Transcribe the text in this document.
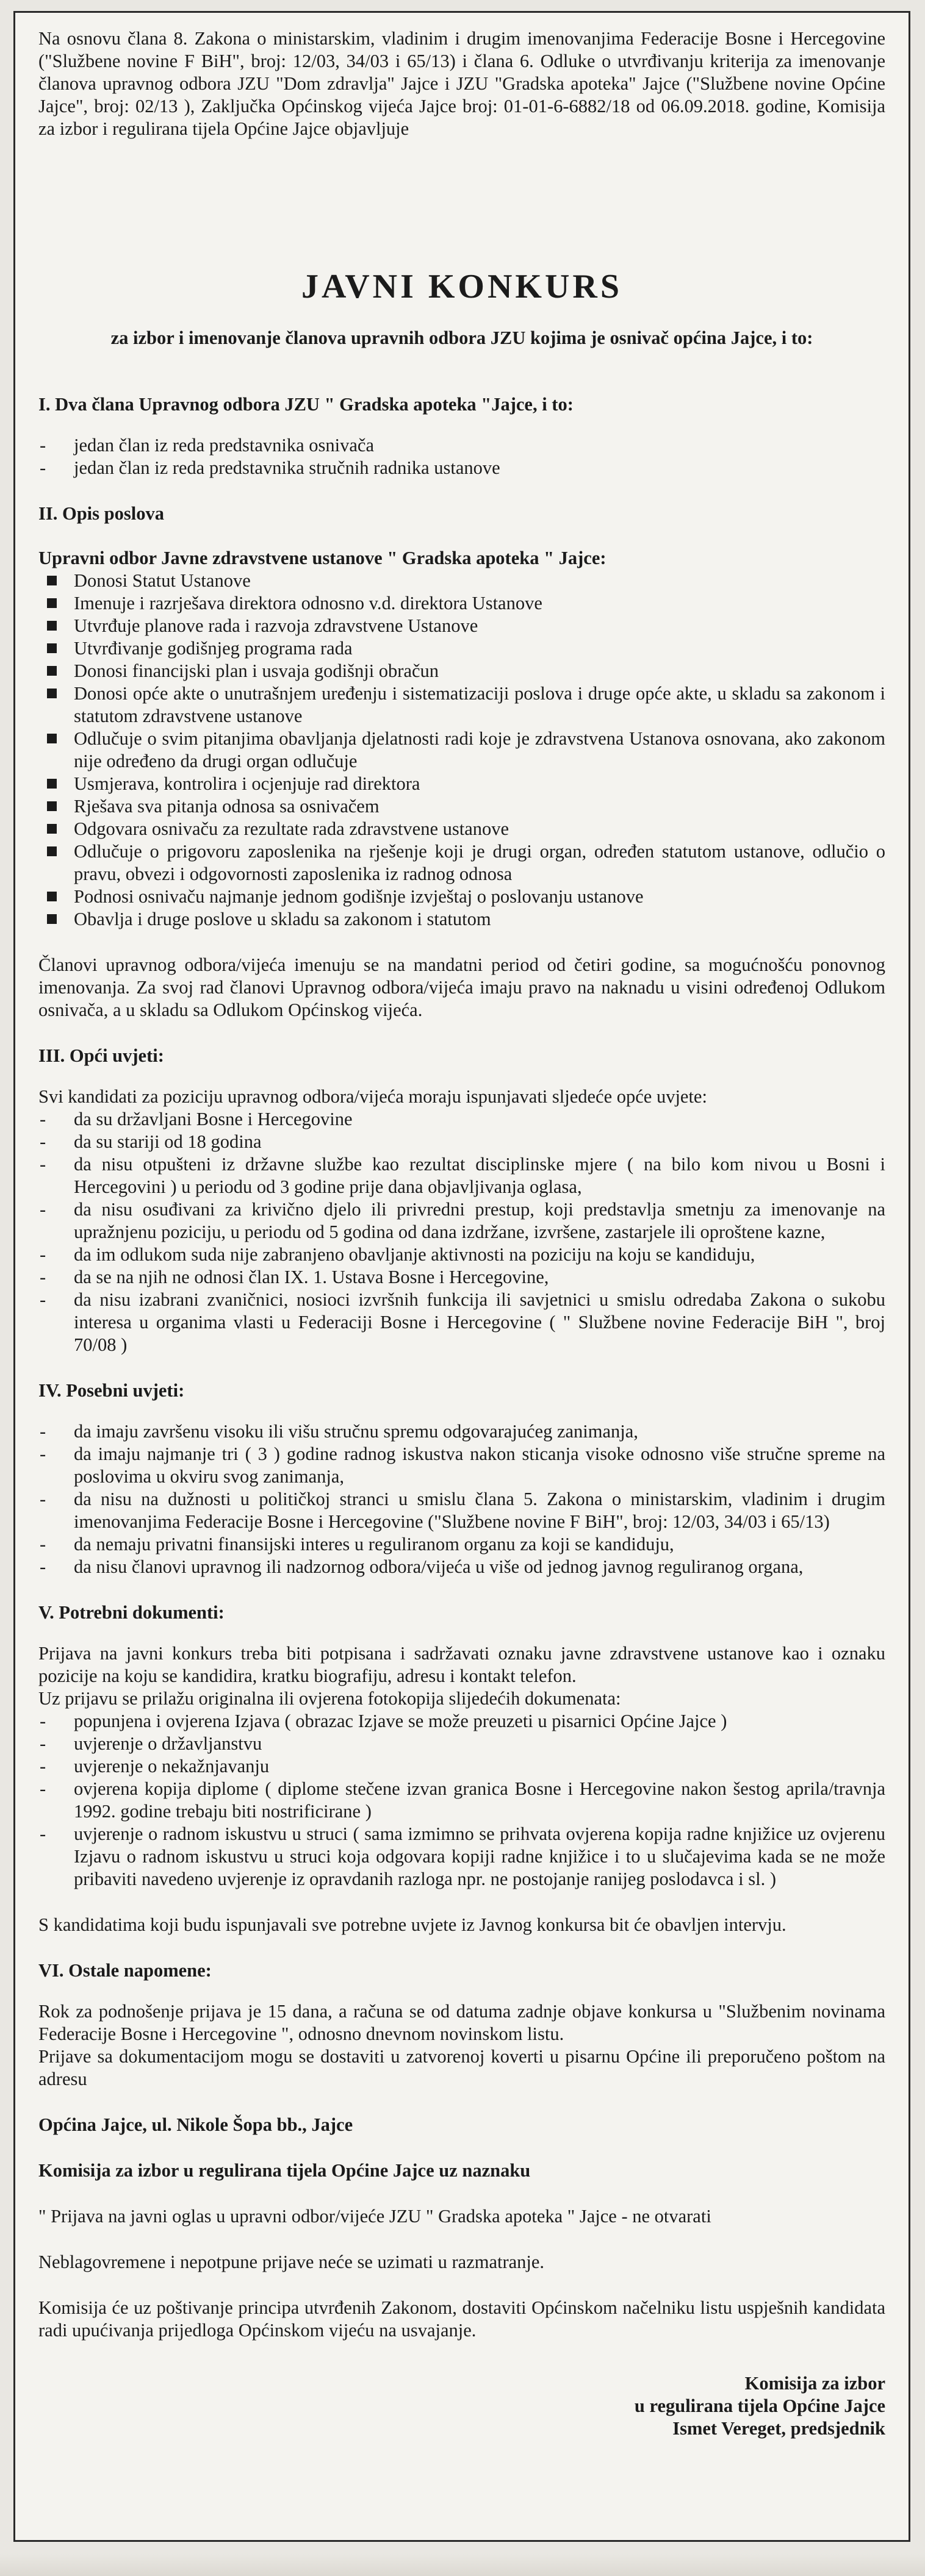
Na osnovu člana 8. Zakona o ministarskim, vladinim i drugim imenovanjima Federacije Bosne i Hercegovine ("Službene novine F BiH", broj: 12/03, 34/03 i 65/13) i člana 6. Odluke o utvrđivanju kriterija za imenovanje članova upravnog odbora JZU "Dom zdravlja" Jajce i JZU "Gradska apoteka" Jajce ("Službene novine Općine Jajce", broj: 02/13 ), Zaključka Općinskog vijeća Jajce broj: 01-01-6-6882/18 od 06.09.2018. godine, Komisija za izbor i regulirana tijela Općine Jajce objavljuje

JAVNI KONKURS
za izbor i imenovanje članova upravnih odbora JZU kojima je osnivač općina Jajce, i to:
I. Dva člana Upravnog odbora JZU " Gradska apoteka "Jajce, i to:
- jedan član iz reda predstavnika osnivača
- jedan član iz reda predstavnika stručnih radnika ustanove
II. Opis poslova
Upravni odbor Javne zdravstvene ustanove " Gradska apoteka " Jajce:
Donosi Statut Ustanove
Imenuje i razrješava direktora odnosno v.d. direktora Ustanove
Utvrđuje planove rada i razvoja zdravstvene Ustanove
Utvrđivanje godišnjeg programa rada
Donosi financijski plan i usvaja godišnji obračun
Donosi opće akte o unutrašnjem uređenju i sistematizaciji poslova i druge opće akte, u skladu sa zakonom i statutom zdravstvene ustanove
Odlučuje o svim pitanjima obavljanja djelatnosti radi koje je zdravstvena Ustanova osnovana, ako zakonom nije određeno da drugi organ odlučuje
Usmjerava, kontrolira i ocjenjuje rad direktora
Rješava sva pitanja odnosa sa osnivačem
Odgovara osnivaču za rezultate rada zdravstvene ustanove
Odlučuje o prigovoru zaposlenika na rješenje koji je drugi organ, određen statutom ustanove, odlučio o pravu, obvezi i odgovornosti zaposlenika iz radnog odnosa
Podnosi osnivaču najmanje jednom godišnje izvještaj o poslovanju ustanove
Obavlja i druge poslove u skladu sa zakonom i statutom

Članovi upravnog odbora/vijeća imenuju se na mandatni period od četiri godine, sa mogućnošću ponovnog imenovanja. Za svoj rad članovi Upravnog odbora/vijeća imaju pravo na naknadu u visini određenoj Odlukom osnivača, a u skladu sa Odlukom Općinskog vijeća.

III. Opći uvjeti:

Svi kandidati za poziciju upravnog odbora/vijeća moraju ispunjavati sljedeće opće uvjete:

- da su državljani Bosne i Hercegovine
- da su stariji od 18 godina
- da nisu otpušteni iz državne službe kao rezultat disciplinske mjere ( na bilo kom nivou u Bosni i Hercegovini ) u periodu od 3 godine prije dana objavljivanja oglasa,
- da nisu osuđivani za krivično djelo ili privredni prestup, koji predstavlja smetnju za imenovanje na upražnjenu poziciju, u periodu od 5 godina od dana izdržane, izvršene, zastarjele ili oproštene kazne,
- da im odlukom suda nije zabranjeno obavljanje aktivnosti na poziciju na koju se kandiduju,
- da se na njih ne odnosi član IX. 1. Ustava Bosne i Hercegovine,
- da nisu izabrani zvaničnici, nosioci izvršnih funkcija ili savjetnici u smislu odredaba Zakona o sukobu interesa u organima vlasti u Federaciji Bosne i Hercegovine ( " Službene novine Federacije BiH ", broj 70/08 )
IV. Posebni uvjeti:
- da imaju završenu visoku ili višu stručnu spremu odgovarajućeg zanimanja,
- da imaju najmanje tri ( 3 ) godine radnog iskustva nakon sticanja visoke odnosno više stručne spreme na poslovima u okviru svog zanimanja,
- da nisu na dužnosti u političkoj stranci u smislu člana 5. Zakona o ministarskim, vladinim i drugim imenovanjima Federacije Bosne i Hercegovine ("Službene novine F BiH", broj: 12/03, 34/03 i 65/13)
- da nemaju privatni finansijski interes u reguliranom organu za koji se kandiduju,
- da nisu članovi upravnog ili nadzornog odbora/vijeća u više od jednog javnog reguliranog organa,
V. Potrebni dokumenti:

Prijava na javni konkurs treba biti potpisana i sadržavati oznaku javne zdravstvene ustanove kao i oznaku pozicije na koju se kandidira, kratku biografiju, adresu i kontakt telefon.

Uz prijavu se prilažu originalna ili ovjerena fotokopija slijedećih dokumenata:

- popunjena i ovjerena Izjava ( obrazac Izjave se može preuzeti u pisarnici Općine Jajce )
- uvjerenje o državljanstvu
- uvjerenje o nekažnjavanju
- ovjerena kopija diplome ( diplome stečene izvan granica Bosne i Hercegovine nakon šestog aprila/travnja 1992. godine trebaju biti nostrificirane )
- uvjerenje o radnom iskustvu u struci ( sama izmimno se prihvata ovjerena kopija radne knjižice uz ovjerenu Izjavu o radnom iskustvu u struci koja odgovara kopiji radne knjižice i to u slučajevima kada se ne može pribaviti navedeno uvjerenje iz opravdanih razloga npr. ne postojanje ranijeg poslodavca i sl. )

S kandidatima koji budu ispunjavali sve potrebne uvjete iz Javnog konkursa bit će obavljen intervju.

VI. Ostale napomene:

Rok za podnošenje prijava je 15 dana, a računa se od datuma zadnje objave konkursa u "Službenim novinama Federacije Bosne i Hercegovine ", odnosno dnevnom novinskom listu.

Prijave sa dokumentacijom mogu se dostaviti u zatvorenoj koverti u pisarnu Općine ili preporučeno poštom na adresu

Općina Jajce, ul. Nikole Šopa bb., Jajce

Komisija za izbor u regulirana tijela Općine Jajce uz naznaku

" Prijava na javni oglas u upravni odbor/vijeće JZU " Gradska apoteka " Jajce - ne otvarati

Neblagovremene i nepotpune prijave neće se uzimati u razmatranje.

Komisija će uz poštivanje principa utvrđenih Zakonom, dostaviti Općinskom načelniku listu uspješnih kandidata radi upućivanja prijedloga Općinskom vijeću na usvajanje.

Komisija za izbor
u regulirana tijela Općine Jajce
Ismet Vereget, predsjednik
